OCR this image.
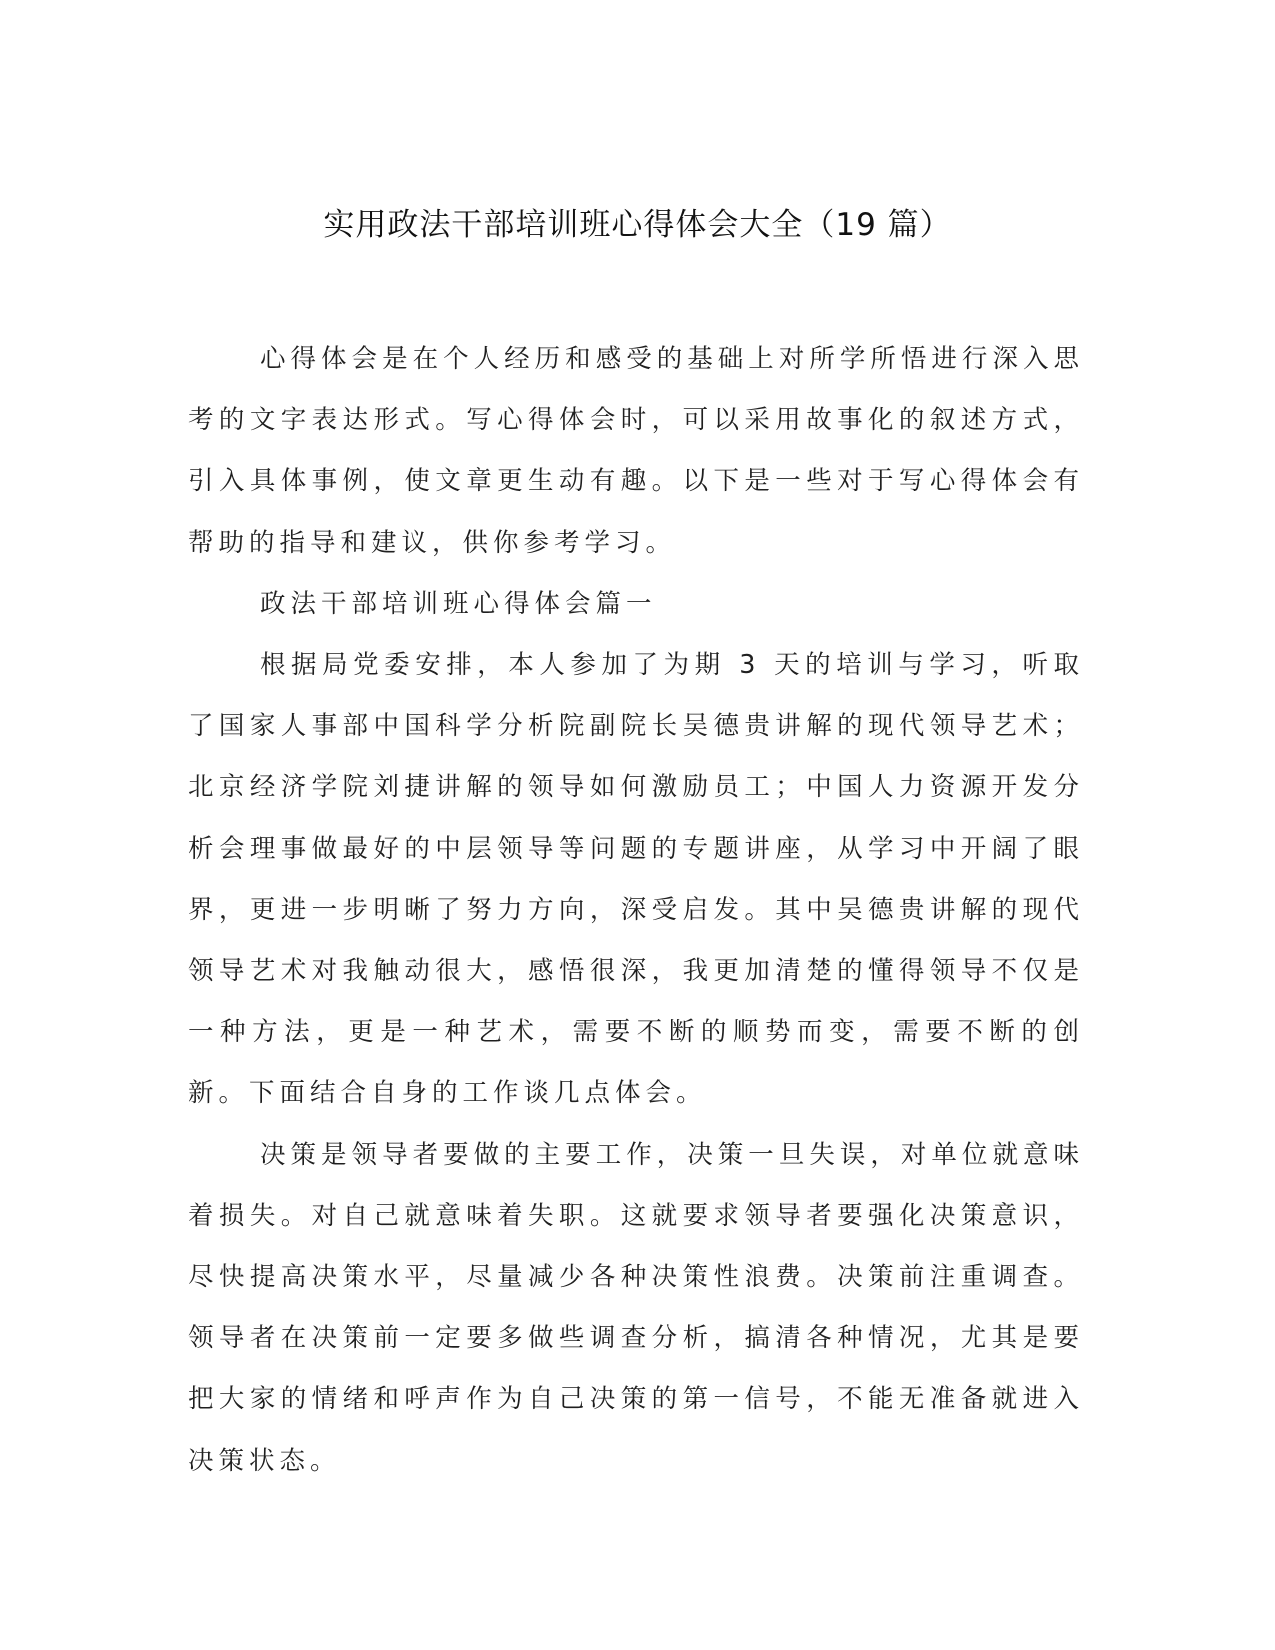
实用政法干部培训班心得体会大全（19 篇）

心得体会是在个人经历和感受的基础上对所学所悟进行深入思考的文字表达形式。写心得体会时，可以采用故事化的叙述方式，引入具体事例，使文章更生动有趣。以下是一些对于写心得体会有帮助的指导和建议，供你参考学习。

政法干部培训班心得体会篇一

根据局党委安排，本人参加了为期 3 天的培训与学习，听取了国家人事部中国科学分析院副院长吴德贵讲解的现代领导艺术；北京经济学院刘捷讲解的领导如何激励员工；中国人力资源开发分析会理事做最好的中层领导等问题的专题讲座，从学习中开阔了眼界，更进一步明晰了努力方向，深受启发。其中吴德贵讲解的现代领导艺术对我触动很大，感悟很深，我更加清楚的懂得领导不仅是一种方法，更是一种艺术，需要不断的顺势而变，需要不断的创新。下面结合自身的工作谈几点体会。

决策是领导者要做的主要工作，决策一旦失误，对单位就意味着损失。对自己就意味着失职。这就要求领导者要强化决策意识，尽快提高决策水平，尽量减少各种决策性浪费。决策前注重调查。领导者在决策前一定要多做些调查分析，搞清各种情况，尤其是要把大家的情绪和呼声作为自己决策的第一信号，不能无准备就进入决策状态。
